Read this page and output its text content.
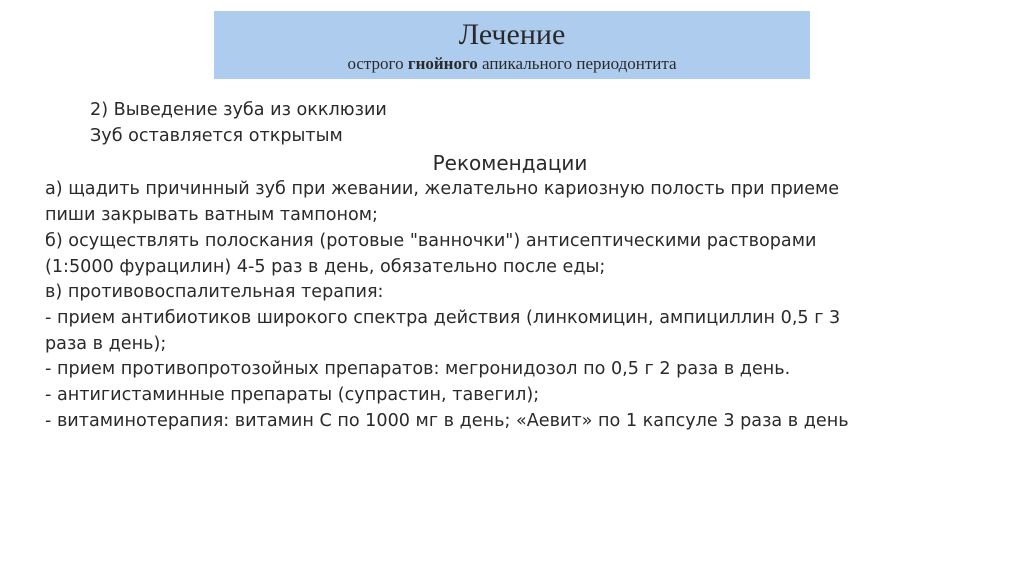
Лечение
острого гнойного апикального периодонтита
2) Выведение зуба из окклюзии
Зуб оставляется открытым
Рекомендации
а) щадить причинный зуб при жевании, желательно кариозную полость при приеме
пиши закрывать ватным тампоном;
б) осуществлять полоскания (ротовые "ванночки") антисептическими растворами
(1:5000 фурацилин) 4-5 раз в день, обязательно после еды;
в) противовоспалительная терапия:
- прием антибиотиков широкого спектра действия (линкомицин, ампициллин 0,5 г 3
раза в день);
- прием противопротозойных препаратов: мегронидозол по 0,5 г 2 раза в день.
- антигистаминные препараты (супрастин, тавегил);
- витаминотерапия: витамин С по 1000 мг в день; «Аевит» по 1 капсуле 3 раза в день
